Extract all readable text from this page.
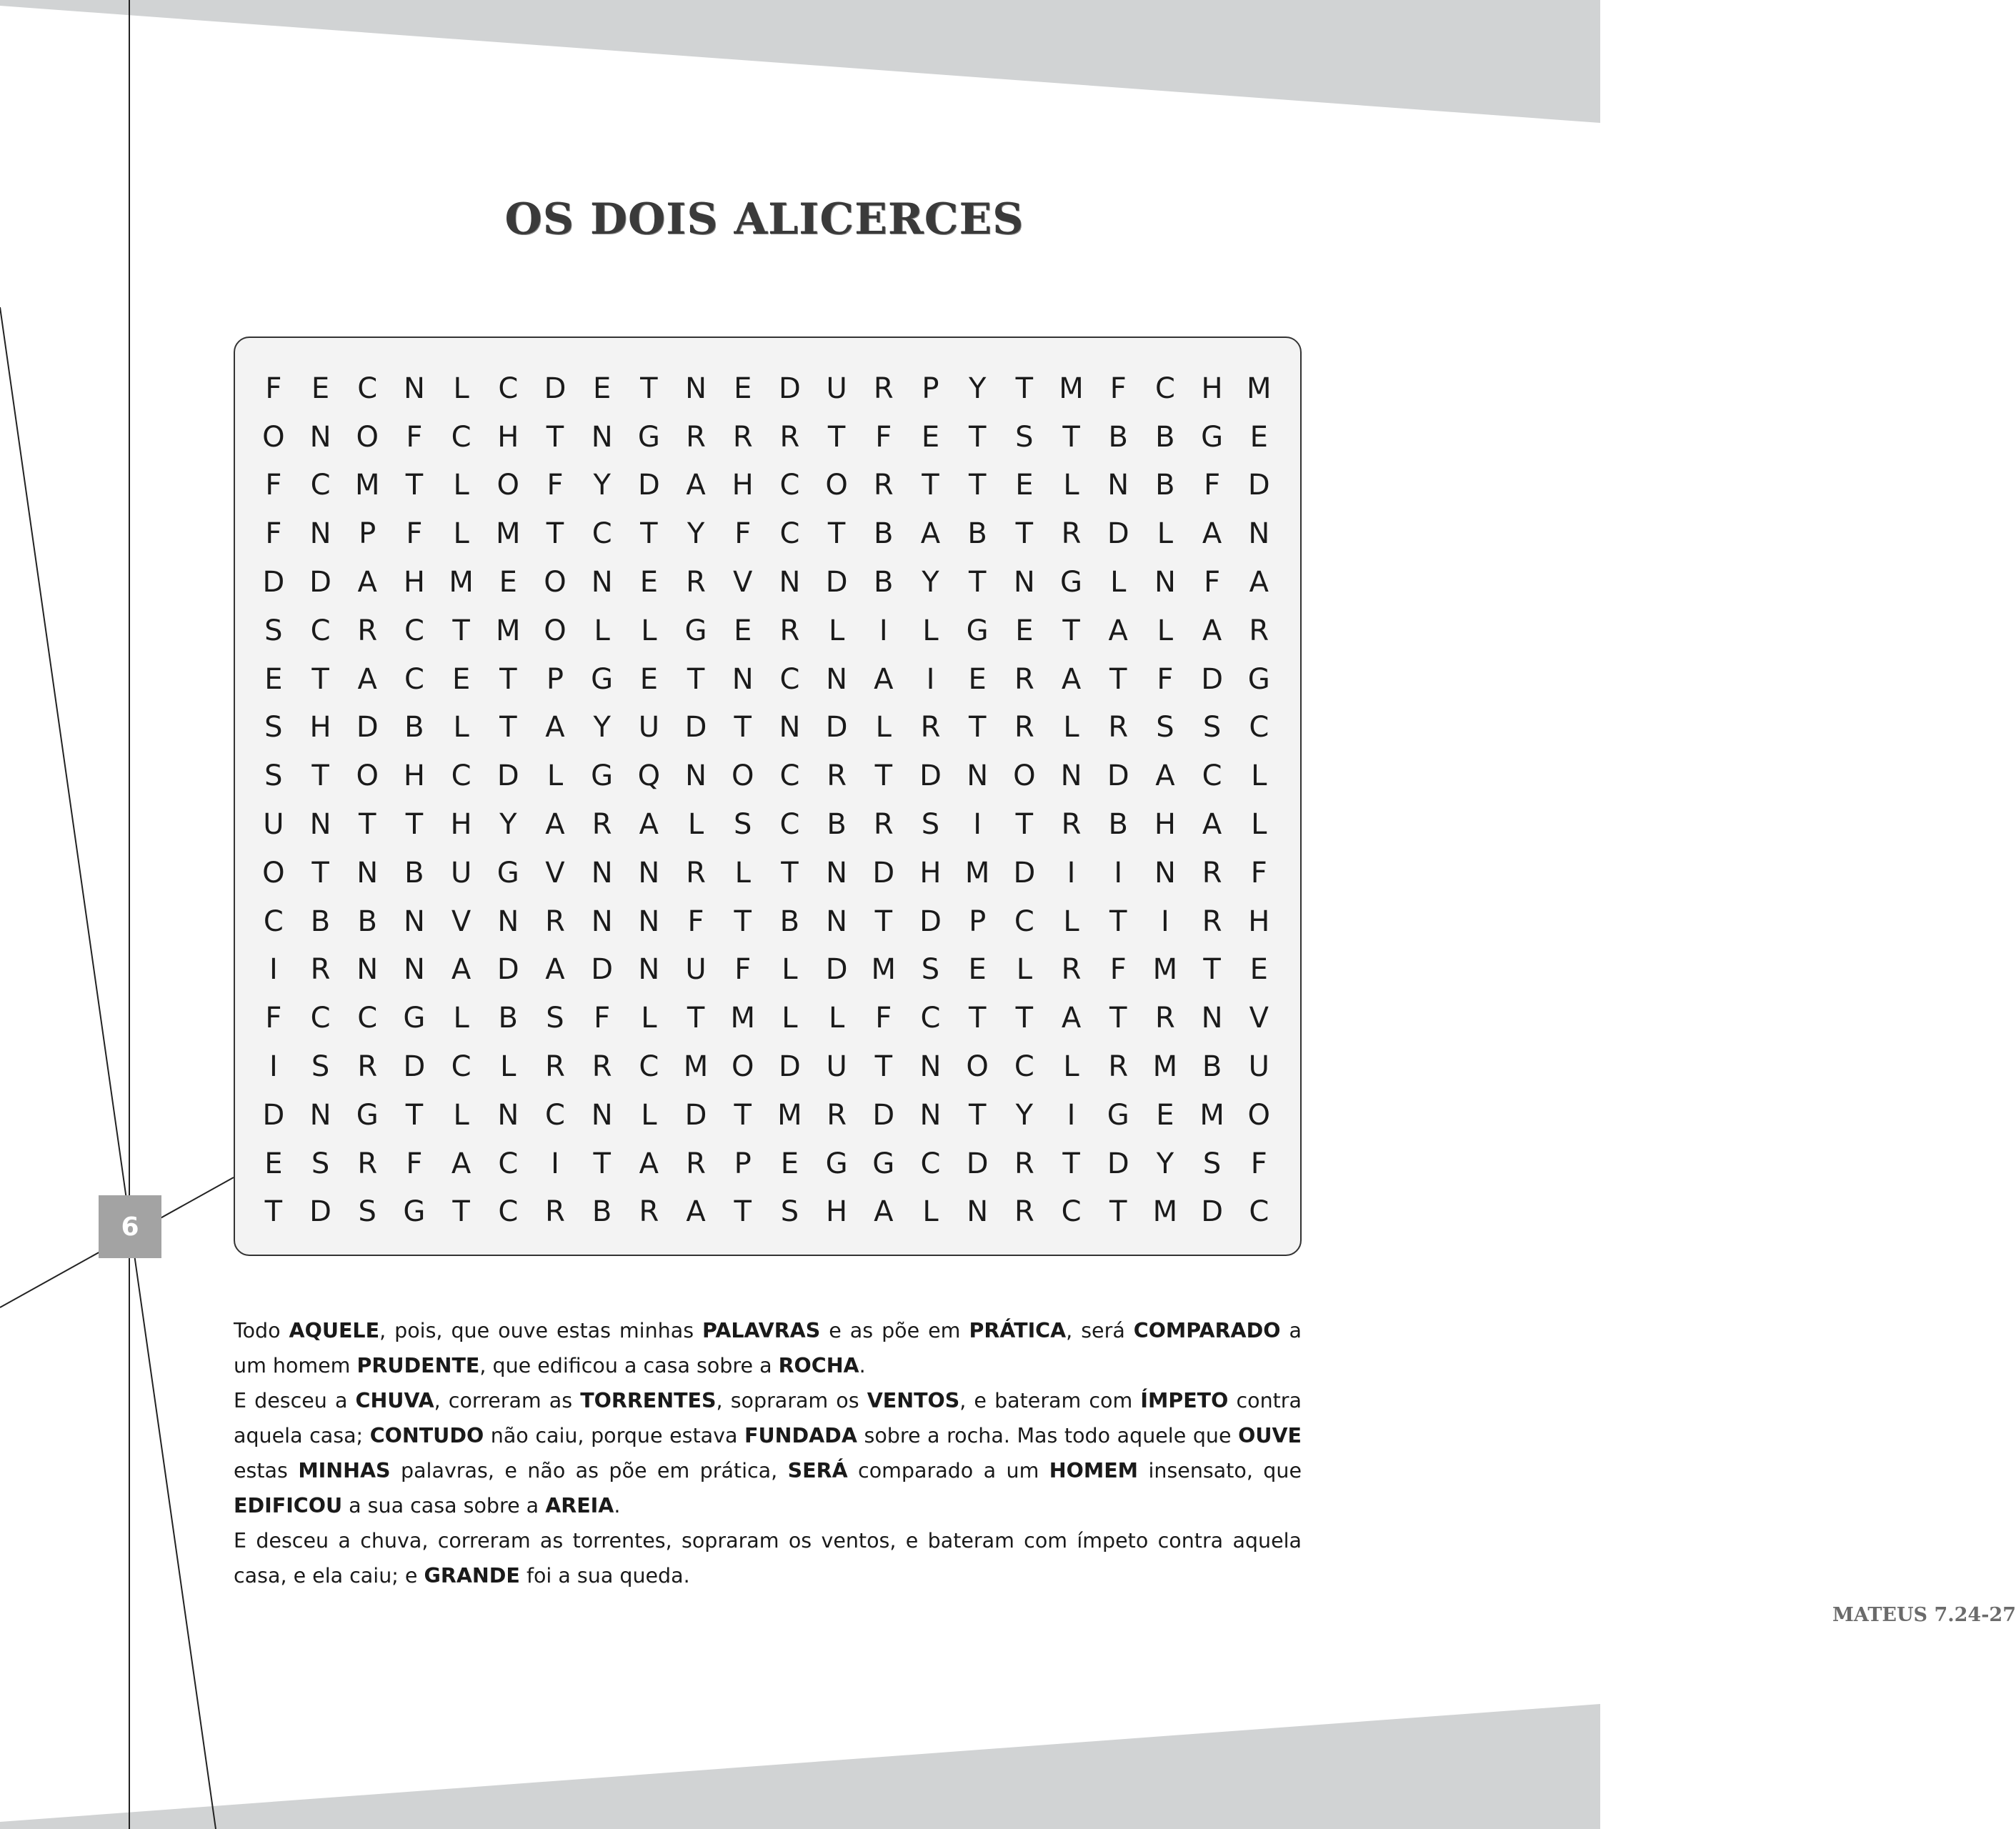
6
OS DOIS ALICERCES
F	E C N L	C D E	T N E D U R P	Y	T M F	C H M
O N O F	C H T N G R R R T	F	E	T	S	T B B G E
F	C M T	L O F	Y D A H C O R T	T	E	L N B	F D
F N P	F	L M T C T	Y	F	C T B A B T R D L	A N
D D A H M E O N E R V N D B Y	T N G L N F	A
S C R C T M O L	L G E R	L	I	L G E	T A	L	A R
E	T A C E	T	P G E	T N C N A	I	E R A T	F D G
S H D B	L	T A Y U D T N D L	R T R	L	R S	S C
S	T O H C D L G Q N O C R T D N O N D A C	L
U N T	T H Y A R A	L	S C B R S	I	T R B H A	L
O T N B U G V N N R	L	T N D H M D	I	I	N R	F
C B B N V N R N N F	T B N T D P C	L	T	I	R H
I	R N N A D A D N U F	L D M S	E	L	R	F M T	E
F	C C G L	B S	F	L	T M L	L	F	C T	T A T R N V
I	S R D C	L	R R C M O D U T N O C	L	R M B U
D N G T	L N C N L D T M R D N T	Y	I	G E M O
E	S R	F	A C	I	T A R P	E G G C D R T D Y	S	F
T D S G T C R B R A T	S H A	L N R C T M D C

Todo AQUELE, pois, que ouve estas minhas PALAVRAS e as põe em PRÁTICA, será COMPARADO a um homem PRUDENTE, que edificou a casa sobre a ROCHA.

E desceu a CHUVA, correram as TORRENTES, sopraram os VENTOS, e bateram com ÍMPETO contra aquela casa; CONTUDO não caiu, porque estava FUNDADA sobre a rocha. Mas todo aquele que OUVE estas MINHAS palavras, e não as põe em prática, SERÁ comparado a um HOMEM insensato, que EDIFICOU a sua casa sobre a AREIA.

E desceu a chuva, correram as torrentes, sopraram os ventos, e bateram com ímpeto contra aquela casa, e ela caiu; e GRANDE foi a sua queda.

MATEUS 7.24-27
